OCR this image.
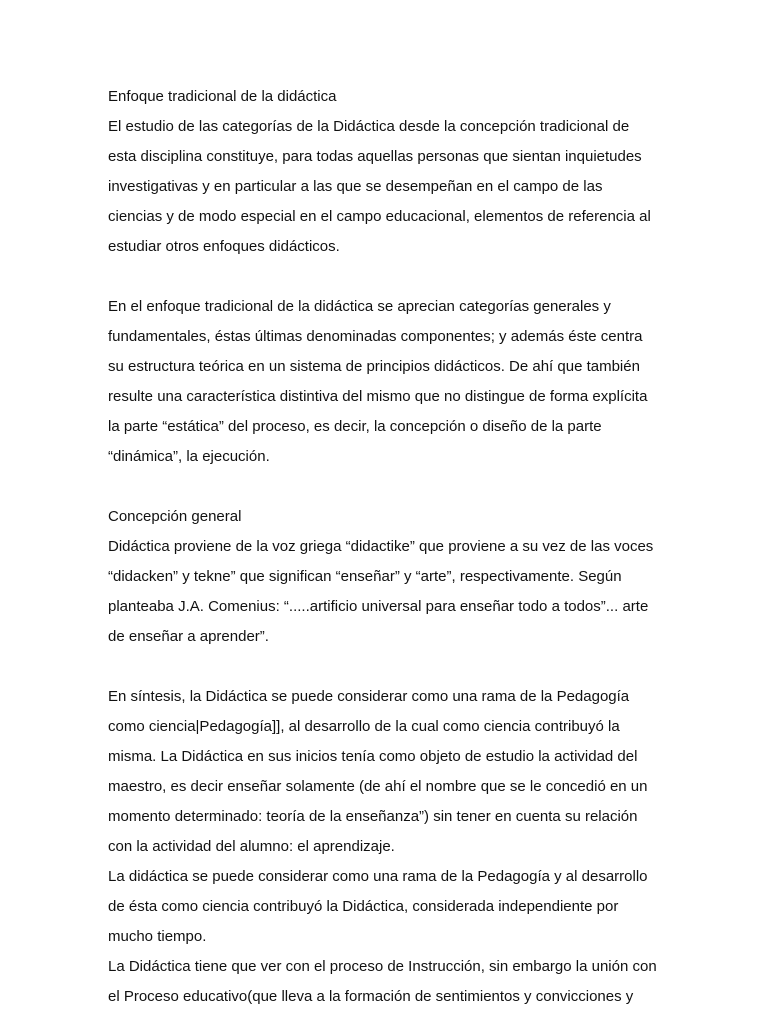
Enfoque tradicional de la didáctica
El estudio de las categorías de la Didáctica desde la concepción tradicional de
esta disciplina constituye, para todas aquellas personas que sientan inquietudes
investigativas y en particular a las que se desempeñan en el campo de las
ciencias y de modo especial en el campo educacional, elementos de referencia al
estudiar otros enfoques didácticos.
En el enfoque tradicional de la didáctica se aprecian categorías generales y
fundamentales, éstas últimas denominadas componentes; y además éste centra
su estructura teórica en un sistema de principios didácticos. De ahí que también
resulte una característica distintiva del mismo que no distingue de forma explícita
la parte “estática” del proceso, es decir, la concepción o diseño de la parte
“dinámica”, la ejecución.
Concepción general
Didáctica proviene de la voz griega “didactike” que proviene a su vez de las voces
“didacken” y tekne” que significan “enseñar” y “arte”, respectivamente. Según
planteaba J.A. Comenius: “.....artificio universal para enseñar todo a todos”... arte
de enseñar a aprender”.
En síntesis, la Didáctica se puede considerar como una rama de la Pedagogía
como ciencia|Pedagogía]], al desarrollo de la cual como ciencia contribuyó la
misma. La Didáctica en sus inicios tenía como objeto de estudio la actividad del
maestro, es decir enseñar solamente (de ahí el nombre que se le concedió en un
momento determinado: teoría de la enseñanza”) sin tener en cuenta su relación
con la actividad del alumno: el aprendizaje.
La didáctica se puede considerar como una rama de la Pedagogía y al desarrollo
de ésta como ciencia contribuyó la Didáctica, considerada independiente por
mucho tiempo.
La Didáctica tiene que ver con el proceso de Instrucción, sin embargo la unión con
el Proceso educativo(que lleva a la formación de sentimientos y convicciones y
